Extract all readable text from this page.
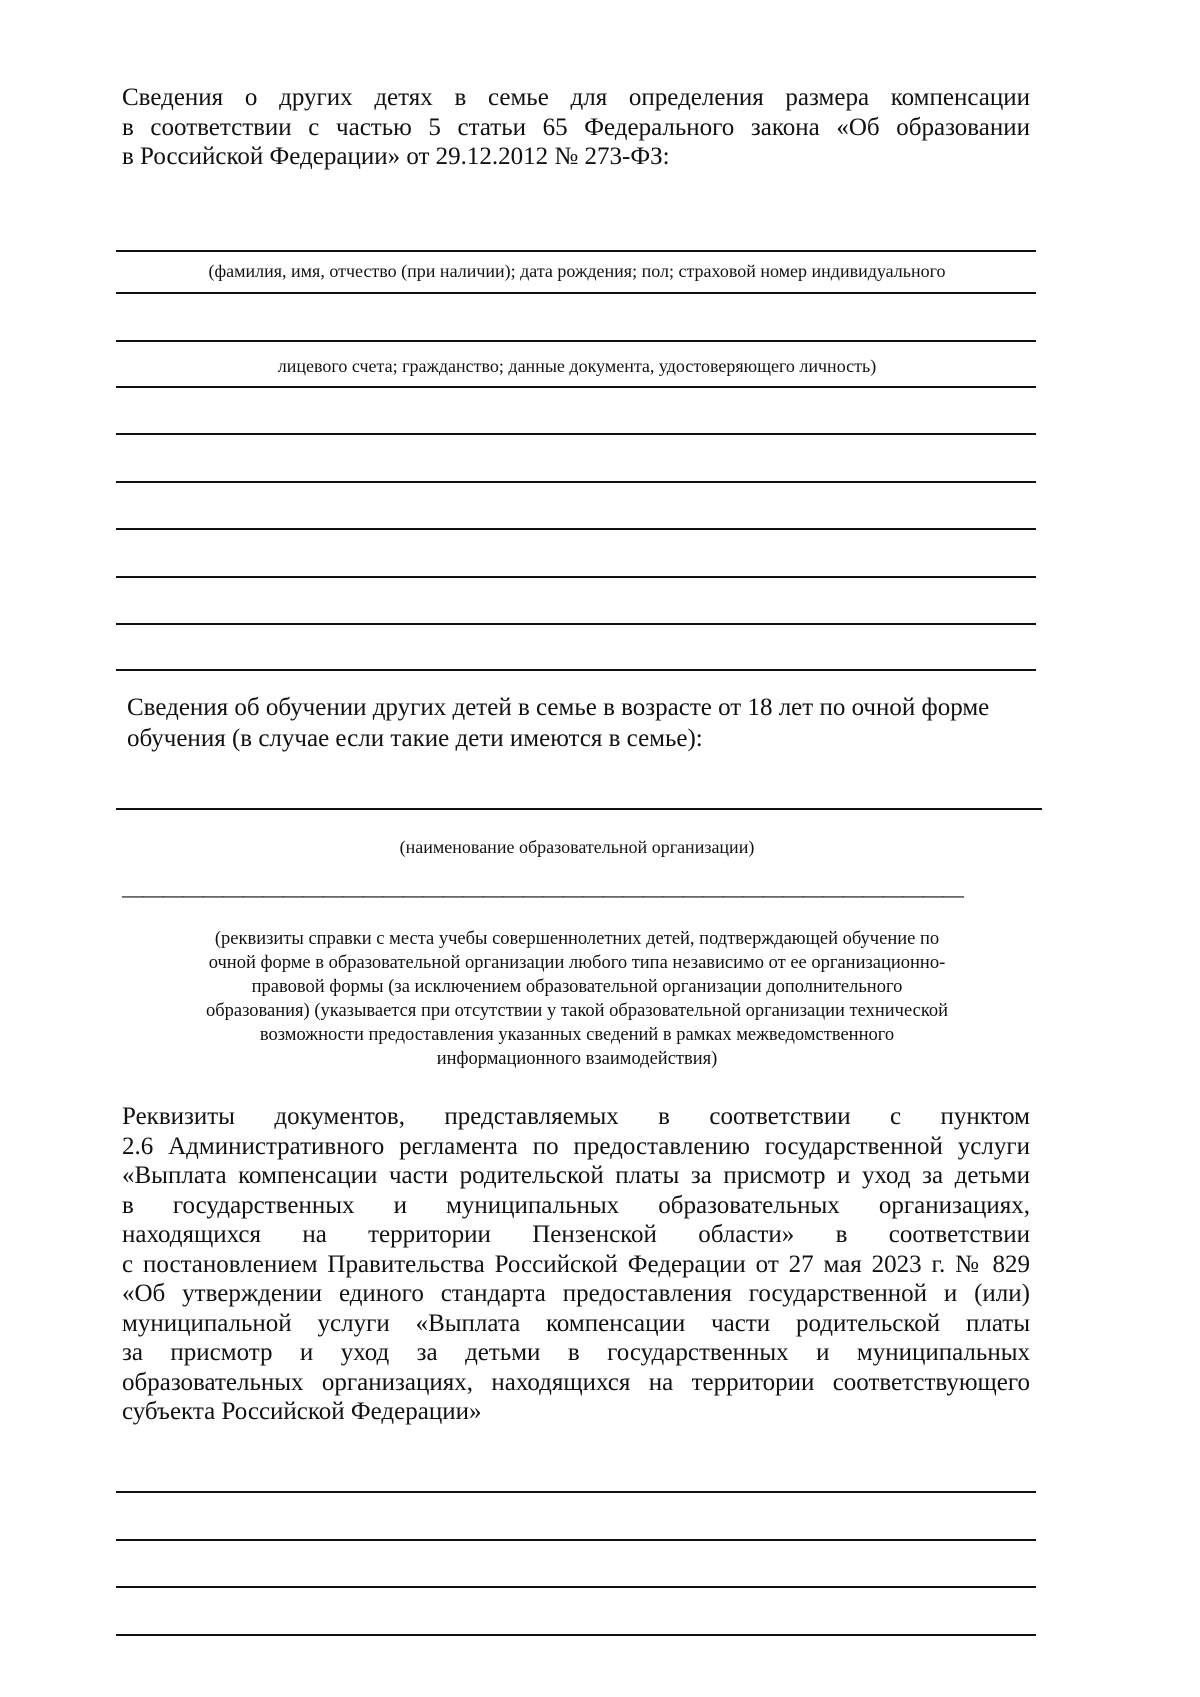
Сведения о других детях в семье для определения размера компенсации
в соответствии с частью 5 статьи 65 Федерального закона «Об образовании
в Российской Федерации» от 29.12.2012 № 273-ФЗ:
(фамилия, имя, отчество (при наличии); дата рождения; пол; страховой номер индивидуального
лицевого счета; гражданство; данные документа, удостоверяющего личность)
Сведения об обучении других детей в семье в возрасте от 18 лет по очной форме
обучения (в случае если такие дети имеются в семье):
(наименование образовательной организации)
——————————————————————————————————————————
(реквизиты справки с места учебы совершеннолетних детей, подтверждающей обучение по
очной форме в образовательной организации любого типа независимо от ее организационно-
правовой формы (за исключением образовательной организации дополнительного
образования) (указывается при отсутствии у такой образовательной организации технической
возможности предоставления указанных сведений в рамках межведомственного
информационного взаимодействия)
Реквизиты документов, представляемых в соответствии с пунктом
2.6 Административного регламента по предоставлению государственной услуги
«Выплата компенсации части родительской платы за присмотр и уход за детьми
в государственных и муниципальных образовательных организациях,
находящихся на территории Пензенской области» в соответствии
с постановлением Правительства Российской Федерации от 27 мая 2023 г. № 829
«Об утверждении единого стандарта предоставления государственной и (или)
муниципальной услуги «Выплата компенсации части родительской платы
за присмотр и уход за детьми в государственных и муниципальных
образовательных организациях, находящихся на территории соответствующего
субъекта Российской Федерации»
